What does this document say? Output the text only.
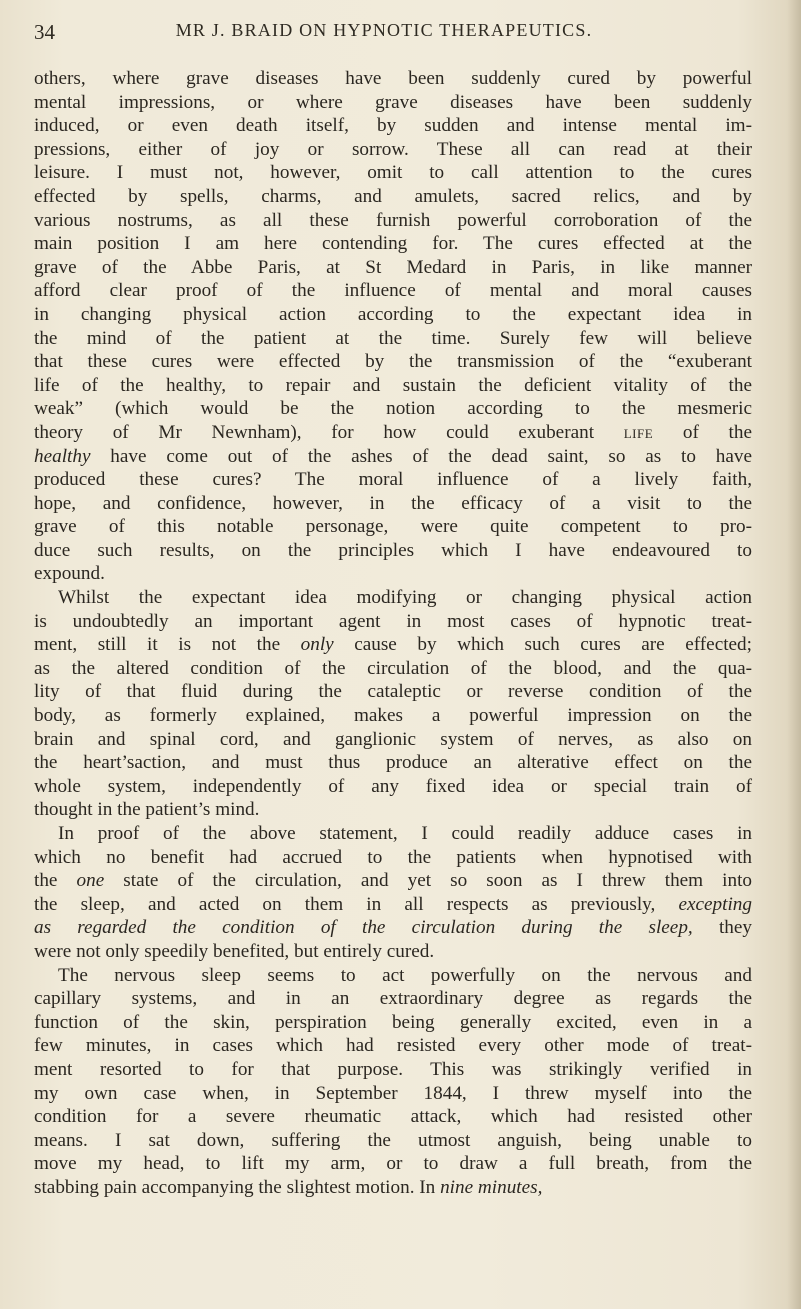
34	MR J. BRAID ON HYPNOTIC THERAPEUTICS.
others, where grave diseases have been suddenly cured by powerful
mental impressions, or where grave diseases have been suddenly
induced, or even death itself, by sudden and intense mental im-
pressions, either of joy or sorrow. These all can read at their
leisure. I must not, however, omit to call attention to the cures
effected by spells, charms, and amulets, sacred relics, and by
various nostrums, as all these furnish powerful corroboration of the
main position I am here contending for. The cures effected at the
grave of the Abbe Paris, at St Medard in Paris, in like manner
afford clear proof of the influence of mental and moral causes
in changing physical action according to the expectant idea in
the mind of the patient at the time. Surely few will believe
that these cures were effected by the transmission of the “exuberant
life of the healthy, to repair and sustain the deficient vitality of the
weak” (which would be the notion according to the mesmeric
theory of Mr Newnham), for how could exuberant life of the
healthy have come out of the ashes of the dead saint, so as to have
produced these cures? The moral influence of a lively faith,
hope, and confidence, however, in the efficacy of a visit to the
grave of this notable personage, were quite competent to pro-
duce such results, on the principles which I have endeavoured to
expound.
Whilst the expectant idea modifying or changing physical action
is undoubtedly an important agent in most cases of hypnotic treat-
ment, still it is not the only cause by which such cures are effected;
as the altered condition of the circulation of the blood, and the qua-
lity of that fluid during the cataleptic or reverse condition of the
body, as formerly explained, makes a powerful impression on the
brain and spinal cord, and ganglionic system of nerves, as also on
the heart’saction, and must thus produce an alterative effect on the
whole system, independently of any fixed idea or special train of
thought in the patient’s mind.
In proof of the above statement, I could readily adduce cases in
which no benefit had accrued to the patients when hypnotised with
the one state of the circulation, and yet so soon as I threw them into
the sleep, and acted on them in all respects as previously, excepting
as regarded the condition of the circulation during the sleep, they
were not only speedily benefited, but entirely cured.
The nervous sleep seems to act powerfully on the nervous and
capillary systems, and in an extraordinary degree as regards the
function of the skin, perspiration being generally excited, even in a
few minutes, in cases which had resisted every other mode of treat-
ment resorted to for that purpose. This was strikingly verified in
my own case when, in September 1844, I threw myself into the
condition for a severe rheumatic attack, which had resisted other
means. I sat down, suffering the utmost anguish, being unable to
move my head, to lift my arm, or to draw a full breath, from the
stabbing pain accompanying the slightest motion. In nine minutes,
